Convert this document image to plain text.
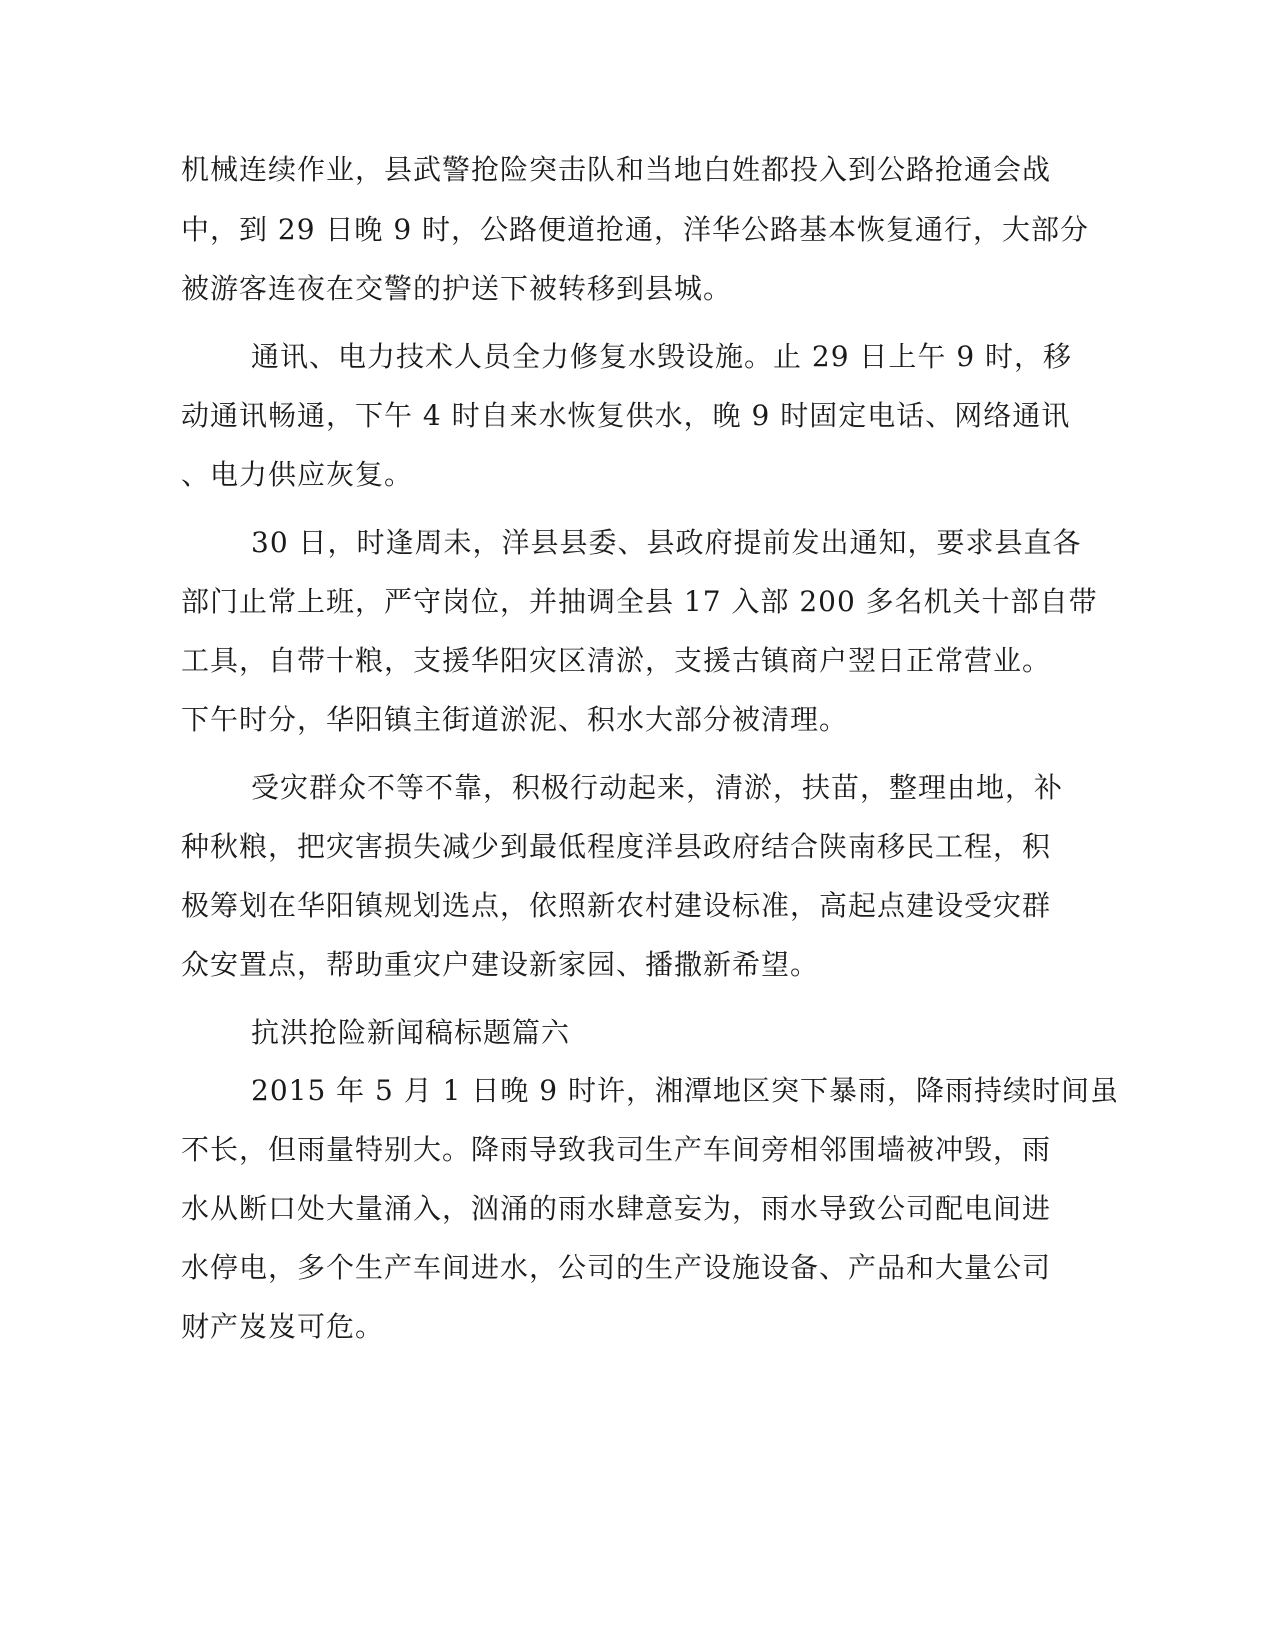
机械连续作业，县武警抢险突击队和当地白姓都投入到公路抢通会战
中，到 29 日晚 9 时，公路便道抢通，洋华公路基本恢复通行，大部分
被游客连夜在交警的护送下被转移到县城。
通讯、电力技术人员全力修复水毁设施。止 29 日上午 9 时，移
动通讯畅通，下午 4 时自来水恢复供水，晚 9 时固定电话、网络通讯
、电力供应灰复。
30 日，时逢周未，洋县县委、县政府提前发出通知，要求县直各
部门止常上班，严守岗位，并抽调全县 17 入部 200 多名机关十部自带
工具，自带十粮，支援华阳灾区清淤，支援古镇商户翌日正常营业。
下午时分，华阳镇主街道淤泥、积水大部分被清理。
受灾群众不等不靠，积极行动起来，清淤，扶苗，整理由地，补
种秋粮，把灾害损失减少到最低程度洋县政府结合陕南移民工程，积
极筹划在华阳镇规划选点，依照新农村建设标准，高起点建设受灾群
众安置点，帮助重灾户建设新家园、播撒新希望。
抗洪抢险新闻稿标题篇六
2015 年 5 月 1 日晚 9 时许，湘潭地区突下暴雨，降雨持续时间虽
不长，但雨量特别大。降雨导致我司生产车间旁相邻围墙被冲毁，雨
水从断口处大量涌入，汹涌的雨水肆意妄为，雨水导致公司配电间进
水停电，多个生产车间进水，公司的生产设施设备、产品和大量公司
财产岌岌可危。
